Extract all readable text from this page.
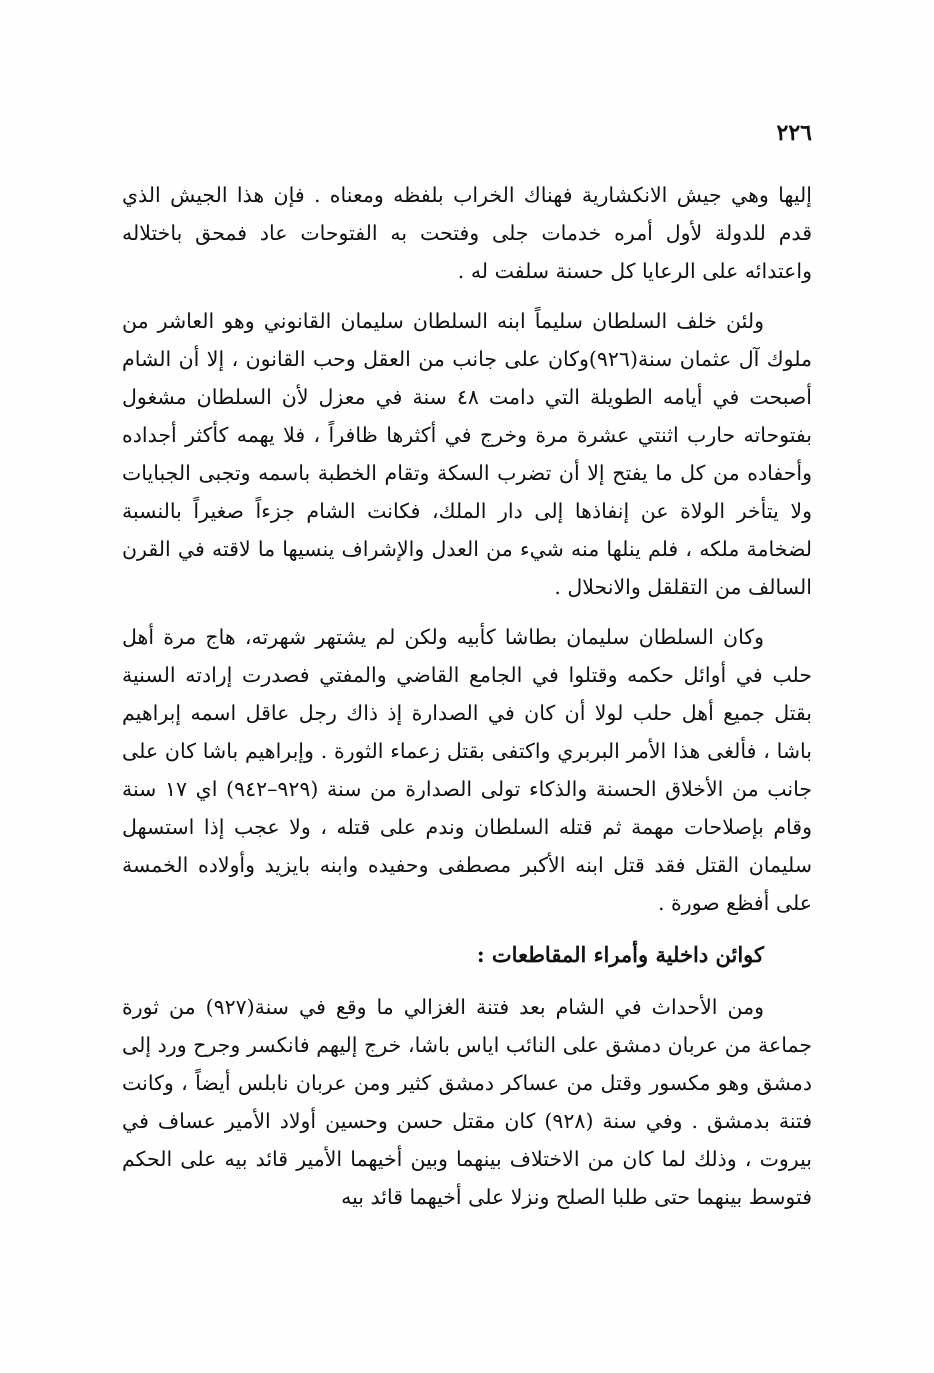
٢٢٦

إليها وهي جيش الانكشارية فهناك الخراب بلفظه ومعناه . فإن هذا الجيش الذي قدم للدولة لأول أمره خدمات جلى وفتحت به الفتوحات عاد فمحق باختلاله واعتدائه على الرعايا كل حسنة سلفت له .

ولئن خلف السلطان سليماً ابنه السلطان سليمان القانوني وهو العاشر من ملوك آل عثمان سنة(٩٢٦)وكان على جانب من العقل وحب القانون ، إلا أن الشام أصبحت في أيامه الطويلة التي دامت ٤٨ سنة في معزل لأن السلطان مشغول بفتوحاته حارب اثنتي عشرة مرة وخرج في أكثرها ظافراً ، فلا يهمه كأكثر أجداده وأحفاده من كل ما يفتح إلا أن تضرب السكة وتقام الخطبة باسمه وتجبى الجبايات ولا يتأخر الولاة عن إنفاذها إلى دار الملك، فكانت الشام جزءاً صغيراً بالنسبة لضخامة ملكه ، فلم ينلها منه شيء من العدل والإشراف ينسيها ما لاقته في القرن السالف من التقلقل والانحلال .

وكان السلطان سليمان بطاشا كأبيه ولكن لم يشتهر شهرته، هاج مرة أهل حلب في أوائل حكمه وقتلوا في الجامع القاضي والمفتي فصدرت إرادته السنية بقتل جميع أهل حلب لولا أن كان في الصدارة إذ ذاك رجل عاقل اسمه إبراهيم باشا ، فألغى هذا الأمر البربري واكتفى بقتل زعماء الثورة . وإبراهيم باشا كان على جانب من الأخلاق الحسنة والذكاء تولى الصدارة من سنة (٩٢٩–٩٤٢) اي ١٧ سنة وقام بإصلاحات مهمة ثم قتله السلطان وندم على قتله ، ولا عجب إذا استسهل سليمان القتل فقد قتل ابنه الأكبر مصطفى وحفيده وابنه بايزيد وأولاده الخمسة على أفظع صورة .

كوائن داخلية وأمراء المقاطعات :

ومن الأحداث في الشام بعد فتنة الغزالي ما وقع في سنة(٩٢٧) من ثورة جماعة من عربان دمشق على النائب اياس باشا، خرج إليهم فانكسر وجرح ورد إلى دمشق وهو مكسور وقتل من عساكر دمشق كثير ومن عربان نابلس أيضاً ، وكانت فتنة بدمشق . وفي سنة (٩٢٨) كان مقتل حسن وحسين أولاد الأمير عساف في بيروت ، وذلك لما كان من الاختلاف بينهما وبين أخيهما الأمير قائد بيه على الحكم فتوسط بينهما حتى طلبا الصلح ونزلا على أخيهما قائد بيه
